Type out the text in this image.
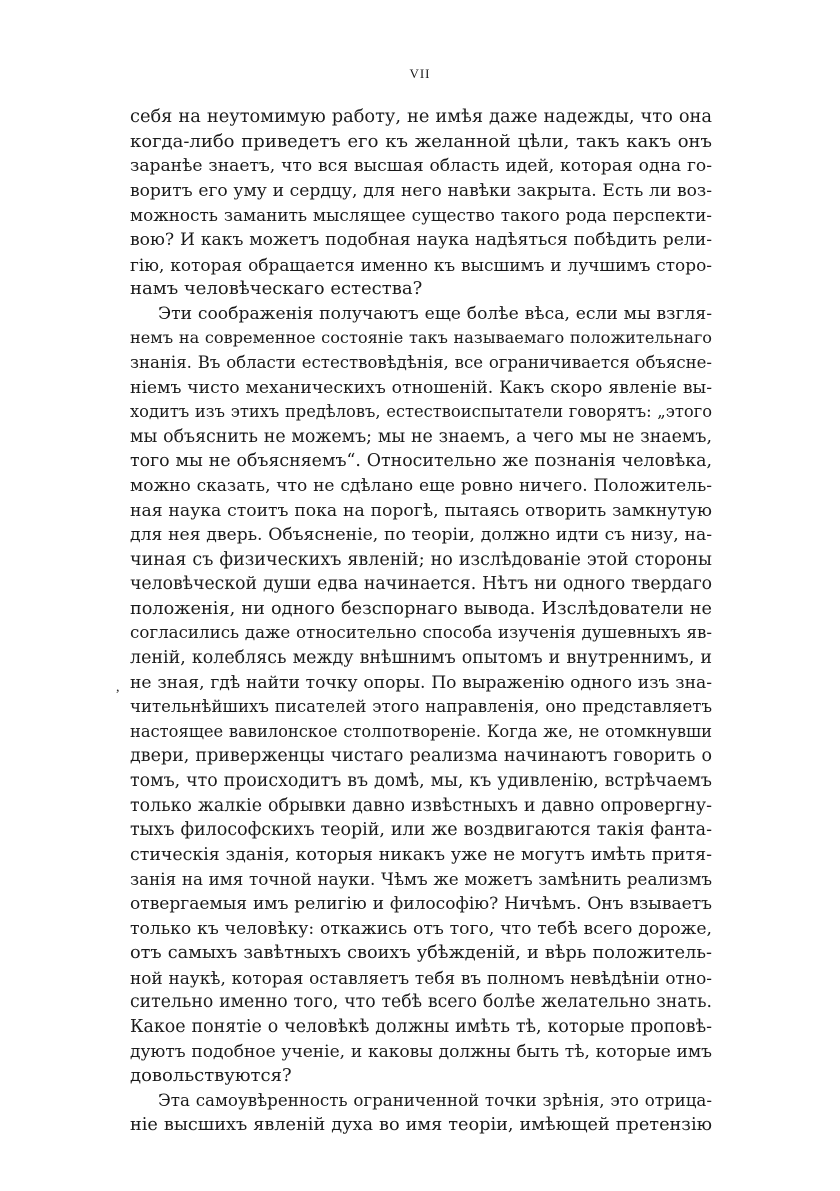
VII
,
себя на неутомимую работу, не имѣя даже надежды, что она
когда-либо приведетъ его къ желанной цѣли, такъ какъ онъ
заранѣе знаетъ, что вся высшая область идей, которая одна го-
воритъ его уму и сердцу, для него навѣки закрыта. Есть ли воз-
можность заманить мыслящее существо такого рода перспекти-
вою? И какъ можетъ подобная наука надѣяться побѣдить рели-
гію, которая обращается именно къ высшимъ и лучшимъ сторо-
намъ человѣческаго естества?
Эти соображенія получаютъ еще болѣе вѣса, если мы взгля-
немъ на современное состояніе такъ называемаго положительнаго
знанія. Въ области естествовѣдѣнія, все ограничивается объясне-
ніемъ чисто механическихъ отношеній. Какъ скоро явленіе вы-
ходитъ изъ этихъ предѣловъ, естествоиспытатели говорятъ: „этого
мы объяснить не можемъ; мы не знаемъ, а чего мы не знаемъ,
того мы не объясняемъ“. Относительно же познанія человѣка,
можно сказать, что не сдѣлано еще ровно ничего. Положитель-
ная наука стоитъ пока на порогѣ, пытаясь отворить замкнутую
для нея дверь. Объясненіе, по теоріи, должно идти съ низу, на-
чиная съ физическихъ явленій; но изслѣдованіе этой стороны
человѣческой души едва начинается. Нѣтъ ни одного твердаго
положенія, ни одного безспорнаго вывода. Изслѣдователи не
согласились даже относительно способа изученія душевныхъ яв-
леній, колеблясь между внѣшнимъ опытомъ и внутреннимъ, и
не зная, гдѣ найти точку опоры. По выраженію одного изъ зна-
чительнѣйшихъ писателей этого направленія, оно представляетъ
настоящее вавилонское столпотвореніе. Когда же, не отомкнувши
двери, приверженцы чистаго реализма начинаютъ говорить о
томъ, что происходитъ въ домѣ, мы, къ удивленію, встрѣчаемъ
только жалкіе обрывки давно извѣстныхъ и давно опровергну-
тыхъ философскихъ теорій, или же воздвигаются такія фанта-
стическія зданія, которыя никакъ уже не могутъ имѣть притя-
занія на имя точной науки. Чѣмъ же можетъ замѣнить реализмъ
отвергаемыя имъ религію и философію? Ничѣмъ. Онъ взываетъ
только къ человѣку: откажись отъ того, что тебѣ всего дороже,
отъ самыхъ завѣтныхъ своихъ убѣжденій, и вѣрь положитель-
ной наукѣ, которая оставляетъ тебя въ полномъ невѣдѣніи отно-
сительно именно того, что тебѣ всего болѣе желательно знать.
Какое понятіе о человѣкѣ должны имѣть тѣ, которые проповѣ-
дуютъ подобное ученіе, и каковы должны быть тѣ, которые имъ
довольствуются?
Эта самоувѣренность ограниченной точки зрѣнія, это отрица-
ніе высшихъ явленій духа во имя теоріи, имѣющей претензію
